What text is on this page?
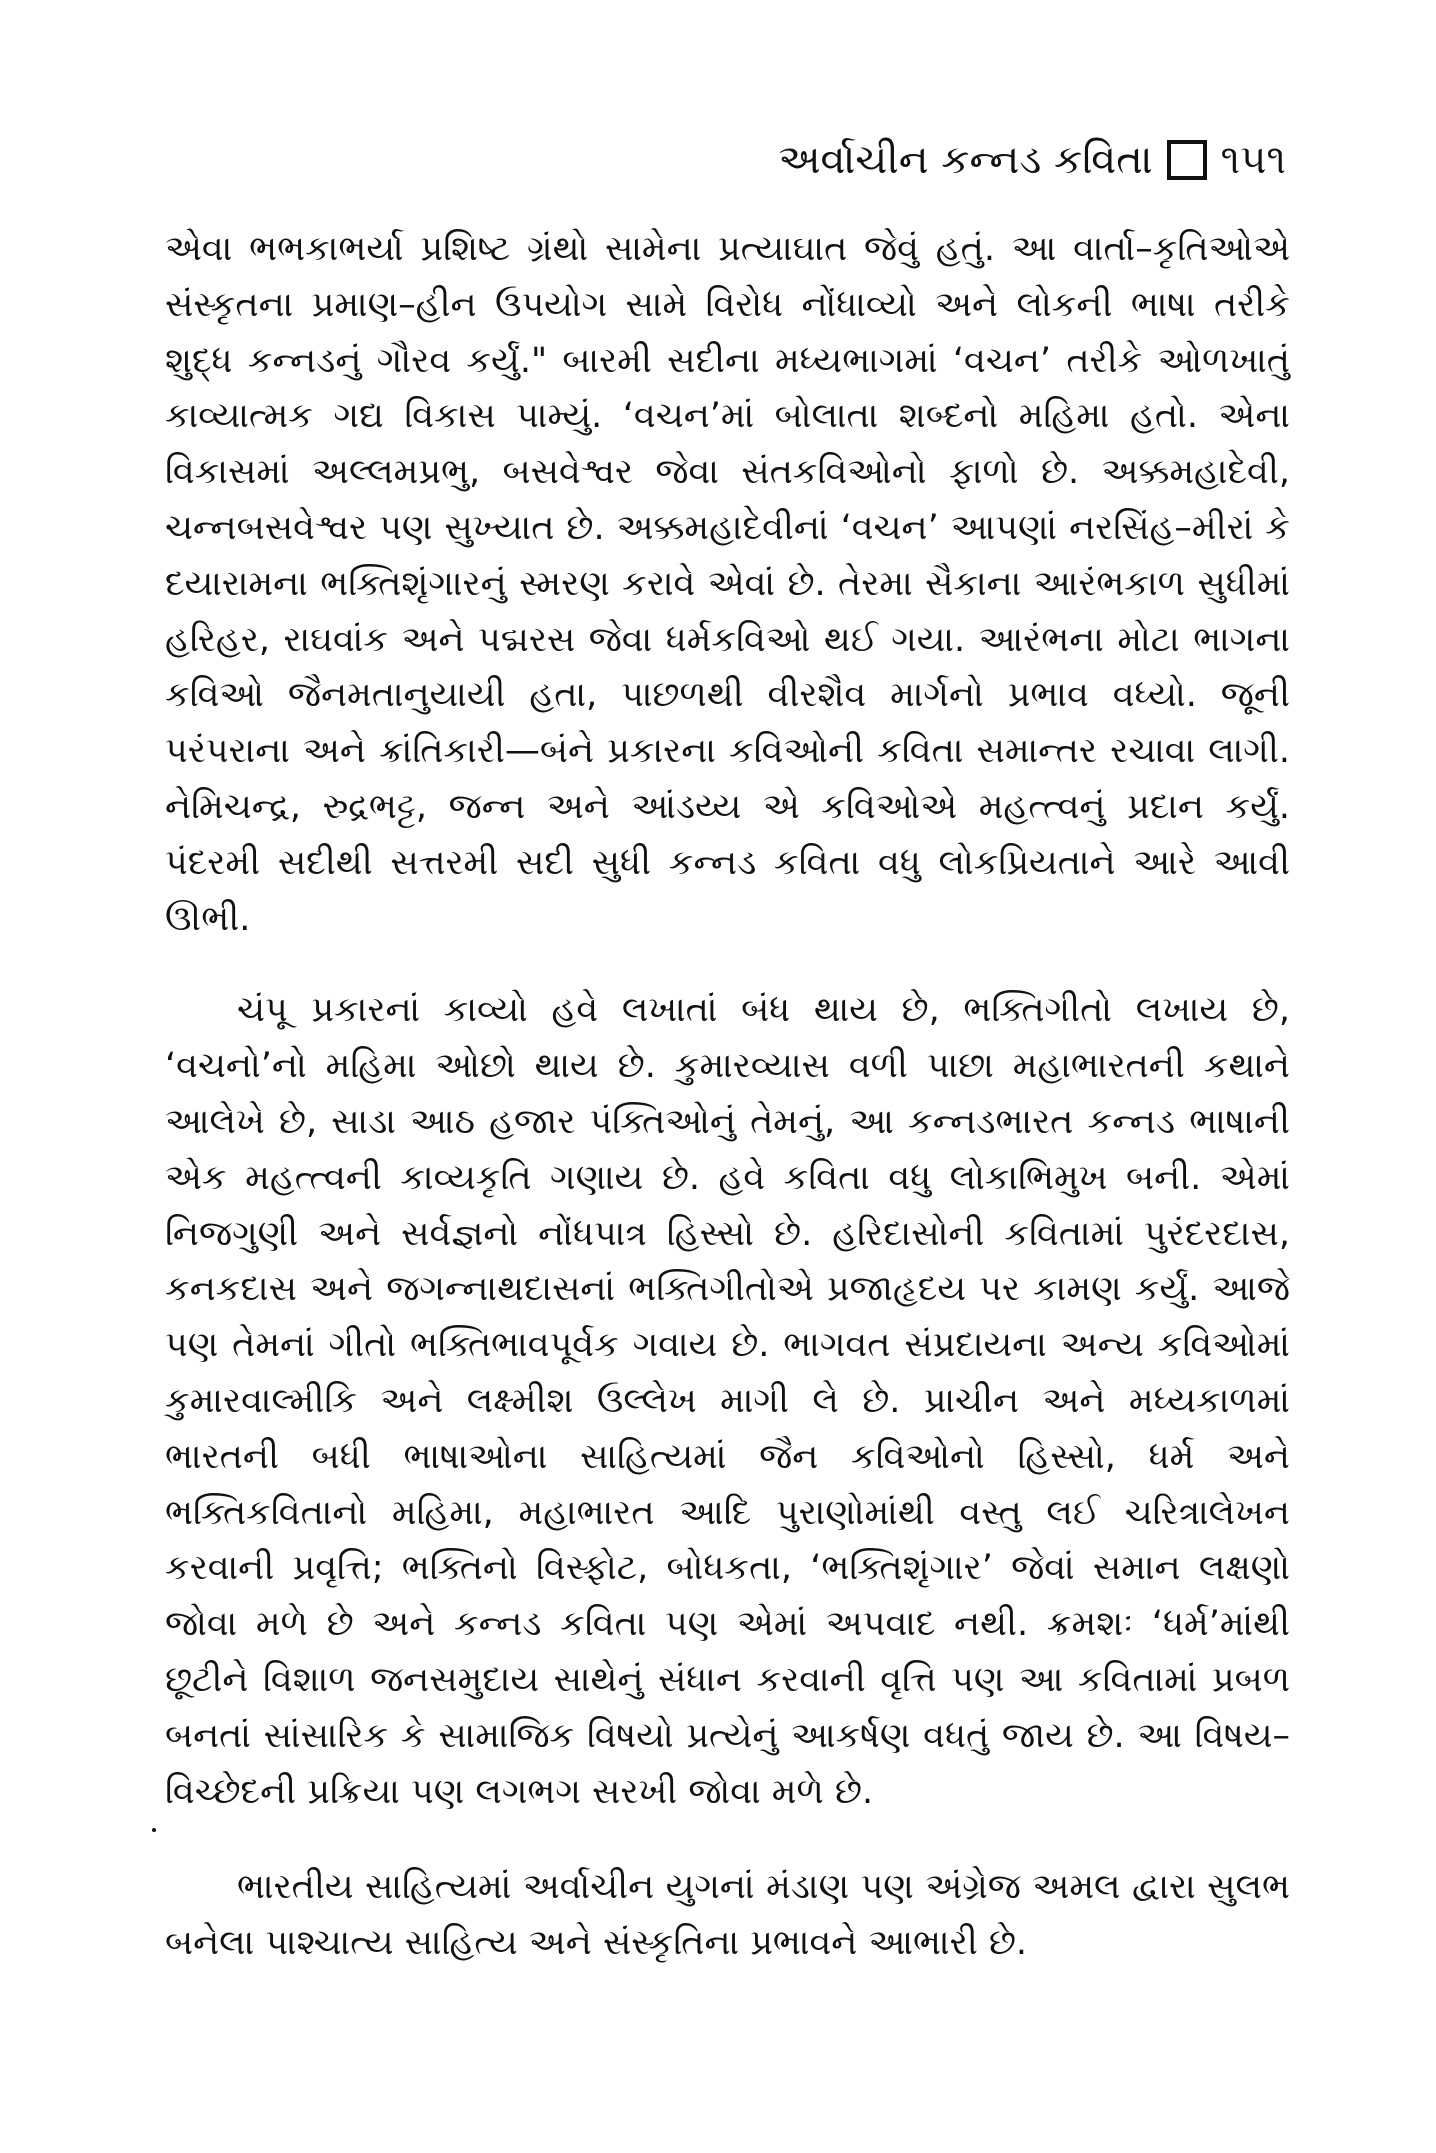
અર્વાચીન કન્નડ કવિતા ૧૫૧

એવા ભભકાભર્યા પ્રશિષ્ટ ગ્રંથો સામેના પ્રત્યાઘાત જેવું હતું. આ વાર્તા–કૃતિઓએ સંસ્કૃતના પ્રમાણ–હીન ઉપયોગ સામે વિરોધ નોંધાવ્યો અને લોકની ભાષા તરીકે શુદ્ધ કન્નડનું ગૌરવ કર્યું." બારમી સદીના મધ્યભાગમાં ‘વચન’ તરીકે ઓળખાતું કાવ્યાત્મક ગદ્ય વિકાસ પામ્યું. ‘વચન’માં બોલાતા શબ્દનો મહિમા હતો. એના વિકાસમાં અલ્લમપ્રભુ, બસવેશ્વર જેવા સંતકવિઓનો ફાળો છે. અક્કમહાદેવી, ચન્નબસવેશ્વર પણ સુખ્યાત છે. અક્કમહાદેવીનાં ‘વચન’ આપણાં નરસિંહ–મીરાં કે દયારામના ભક્તિશૃંગારનું સ્મરણ કરાવે એવાં છે. તેરમા સૈકાના આરંભકાળ સુધીમાં હરિહર, રાઘવાંક અને પદ્મરસ જેવા ધર્મકવિઓ થઈ ગયા. આરંભના મોટા ભાગના કવિઓ જૈનમતાનુયાયી હતા, પાછળથી વીરશૈવ માર્ગનો પ્રભાવ વધ્યો. જૂની પરંપરાના અને ક્રાંતિકારી—બંને પ્રકારના કવિઓની કવિતા સમાન્તર રચાવા લાગી. નેમિચન્દ્ર, રુદ્રભટ્ટ, જન્ન અને આંડય્ય એ કવિઓએ મહત્ત્વનું પ્રદાન કર્યું. પંદરમી સદીથી સત્તરમી સદી સુધી કન્નડ કવિતા વધુ લોકપ્રિયતાને આરે આવી ઊભી.

ચંપૂ પ્રકારનાં કાવ્યો હવે લખાતાં બંધ થાય છે, ભક્તિગીતો લખાય છે, ‘વચનો’નો મહિમા ઓછો થાય છે. કુમારવ્યાસ વળી પાછા મહાભારતની કથાને આલેખે છે, સાડા આઠ હજાર પંક્તિઓનું તેમનું, આ કન્નડભારત કન્નડ ભાષાની એક મહત્ત્વની કાવ્યકૃતિ ગણાય છે. હવે કવિતા વધુ લોકાભિમુખ બની. એમાં નિજગુણી અને સર્વજ્ઞનો નોંધપાત્ર હિસ્સો છે. હરિદાસોની કવિતામાં પુરંદરદાસ, કનકદાસ અને જગન્નાથદાસનાં ભક્તિગીતોએ પ્રજાહૃદય પર કામણ કર્યું. આજે પણ તેમનાં ગીતો ભક્તિભાવપૂર્વક ગવાય છે. ભાગવત સંપ્રદાયના અન્ય કવિઓમાં કુમારવાલ્મીકિ અને લક્ષ્મીશ ઉલ્લેખ માગી લે છે. પ્રાચીન અને મધ્યકાળમાં ભારતની બધી ભાષાઓના સાહિત્યમાં જૈન કવિઓનો હિસ્સો, ધર્મ અને ભક્તિકવિતાનો મહિમા, મહાભારત આદિ પુરાણોમાંથી વસ્તુ લઈ ચરિત્રાલેખન કરવાની પ્રવૃત્તિ; ભક્તિનો વિસ્ફોટ, બોધકતા, ‘ભક્તિશૃંગાર’ જેવાં સમાન લક્ષણો જોવા મળે છે અને કન્નડ કવિતા પણ એમાં અપવાદ નથી. ક્રમશઃ ‘ધર્મ’માંથી છૂટીને વિશાળ જનસમુદાય સાથેનું સંધાન કરવાની વૃત્તિ પણ આ કવિતામાં પ્રબળ બનતાં સાંસારિક કે સામાજિક વિષયો પ્રત્યેનું આકર્ષણ વધતું જાય છે. આ વિષય–વિચ્છેદની પ્રક્રિયા પણ લગભગ સરખી જોવા મળે છે.

ભારતીય સાહિત્યમાં અર્વાચીન યુગનાં મંડાણ પણ અંગ્રેજ અમલ દ્વારા સુલભ બનેલા પાશ્ચાત્ય સાહિત્ય અને સંસ્કૃતિના પ્રભાવને આભારી છે.
